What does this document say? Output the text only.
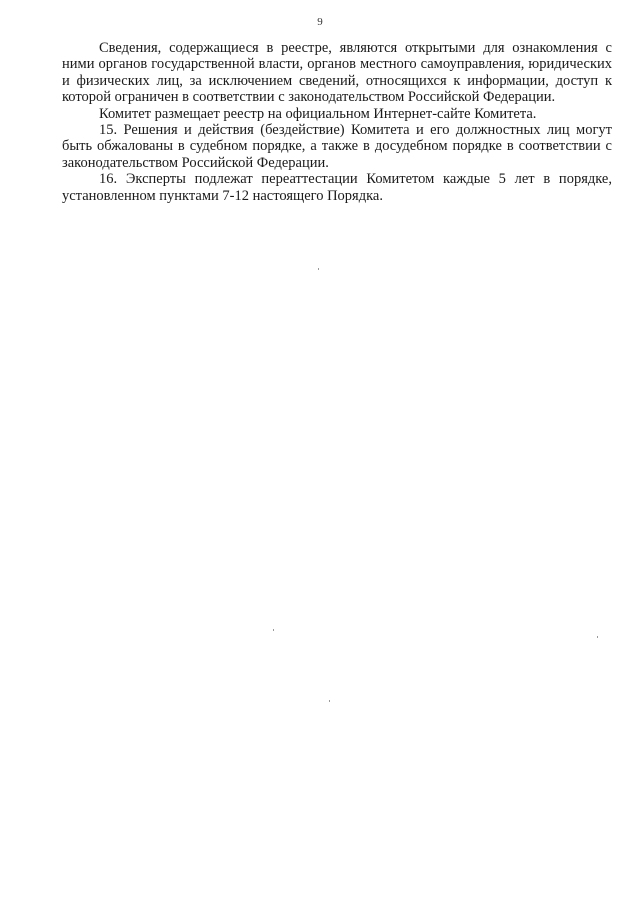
9

Сведения, содержащиеся в реестре, являются открытыми для ознакомления с ними органов государственной власти, органов местного самоуправления, юридических и физических лиц, за исключением сведений, относящихся к информации, доступ к которой ограничен в соответствии с законодательством Российской Федерации.

Комитет размещает реестр на официальном Интернет-сайте Комитета.

15. Решения и действия (бездействие) Комитета и его должностных лиц могут быть обжалованы в судебном порядке, а также в досудебном порядке в соответствии с законодательством Российской Федерации.

16. Эксперты подлежат переаттестации Комитетом каждые 5 лет в порядке, установленном пунктами 7-12 настоящего Порядка.
